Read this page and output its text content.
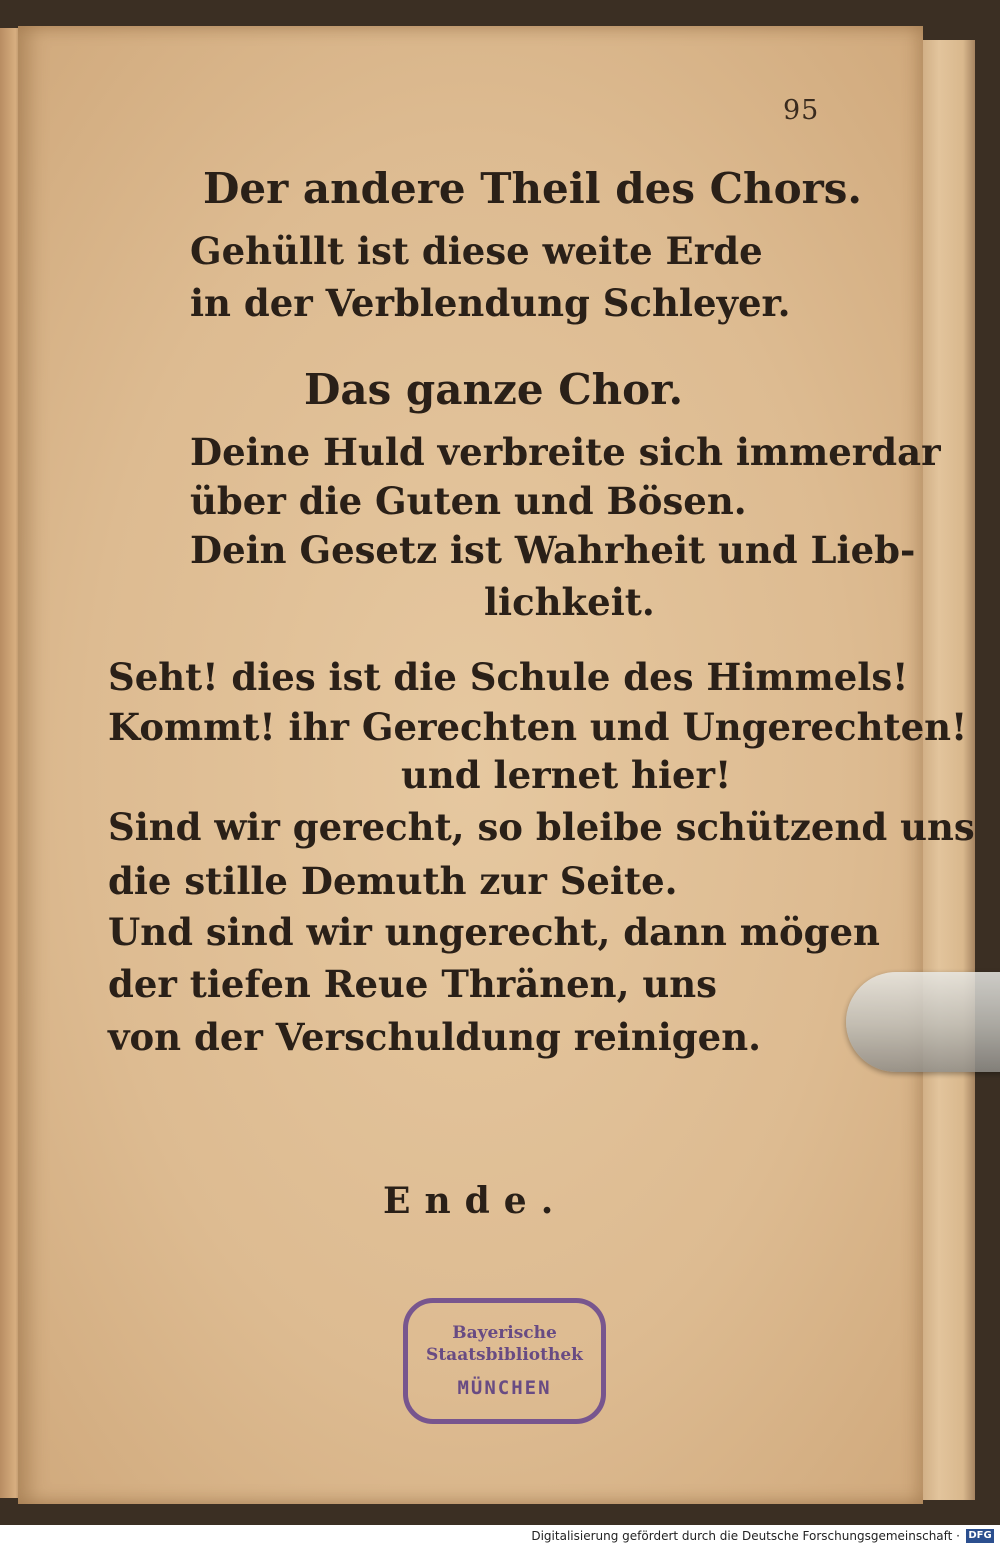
95
Der andere Theil des Chors.
Gehüllt ist diese weite Erde
in der Verblendung Schleyer.
Das ganze Chor.
Deine Huld verbreite sich immerdar
über die Guten und Bösen.
Dein Gesetz ist Wahrheit und Lieb-
lichkeit.
Seht! dies ist die Schule des Himmels!
Kommt! ihr Gerechten und Ungerechten!
und lernet hier!
Sind wir gerecht, so bleibe schützend uns
die stille Demuth zur Seite.
Und sind wir ungerecht, dann mögen
der tiefen Reue Thränen, uns
von der Verschuldung reinigen.
Ende.
Bayerische
Staatsbibliothek
MÜNCHEN
Digitalisierung gefördert durch die Deutsche Forschungsgemeinschaft · DFG
